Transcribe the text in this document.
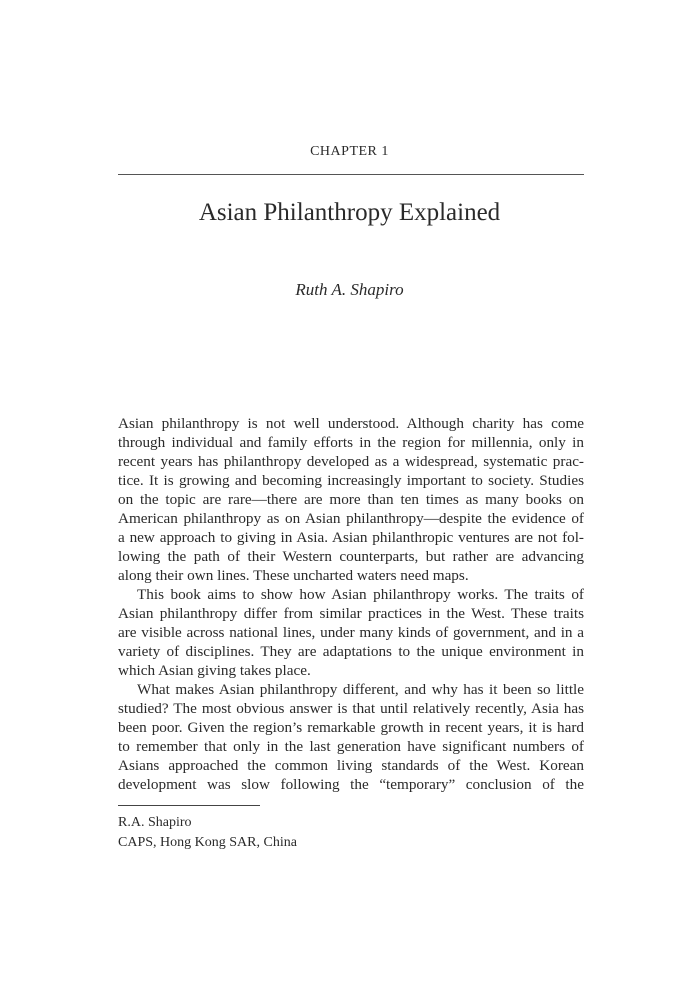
CHAPTER 1
Asian Philanthropy Explained
Ruth A. Shapiro
Asian philanthropy is not well understood. Although charity has come
through individual and family efforts in the region for millennia, only in
recent years has philanthropy developed as a widespread, systematic prac-
tice. It is growing and becoming increasingly important to society. Studies
on the topic are rare—there are more than ten times as many books on
American philanthropy as on Asian philanthropy—despite the evidence of
a new approach to giving in Asia. Asian philanthropic ventures are not fol-
lowing the path of their Western counterparts, but rather are advancing
along their own lines. These uncharted waters need maps.
This book aims to show how Asian philanthropy works. The traits of
Asian philanthropy differ from similar practices in the West. These traits
are visible across national lines, under many kinds of government, and in a
variety of disciplines. They are adaptations to the unique environment in
which Asian giving takes place.
What makes Asian philanthropy different, and why has it been so little
studied? The most obvious answer is that until relatively recently, Asia has
been poor. Given the region’s remarkable growth in recent years, it is hard
to remember that only in the last generation have significant numbers of
Asians approached the common living standards of the West. Korean
development was slow following the “temporary” conclusion of the
R.A. Shapiro
CAPS, Hong Kong SAR, China
